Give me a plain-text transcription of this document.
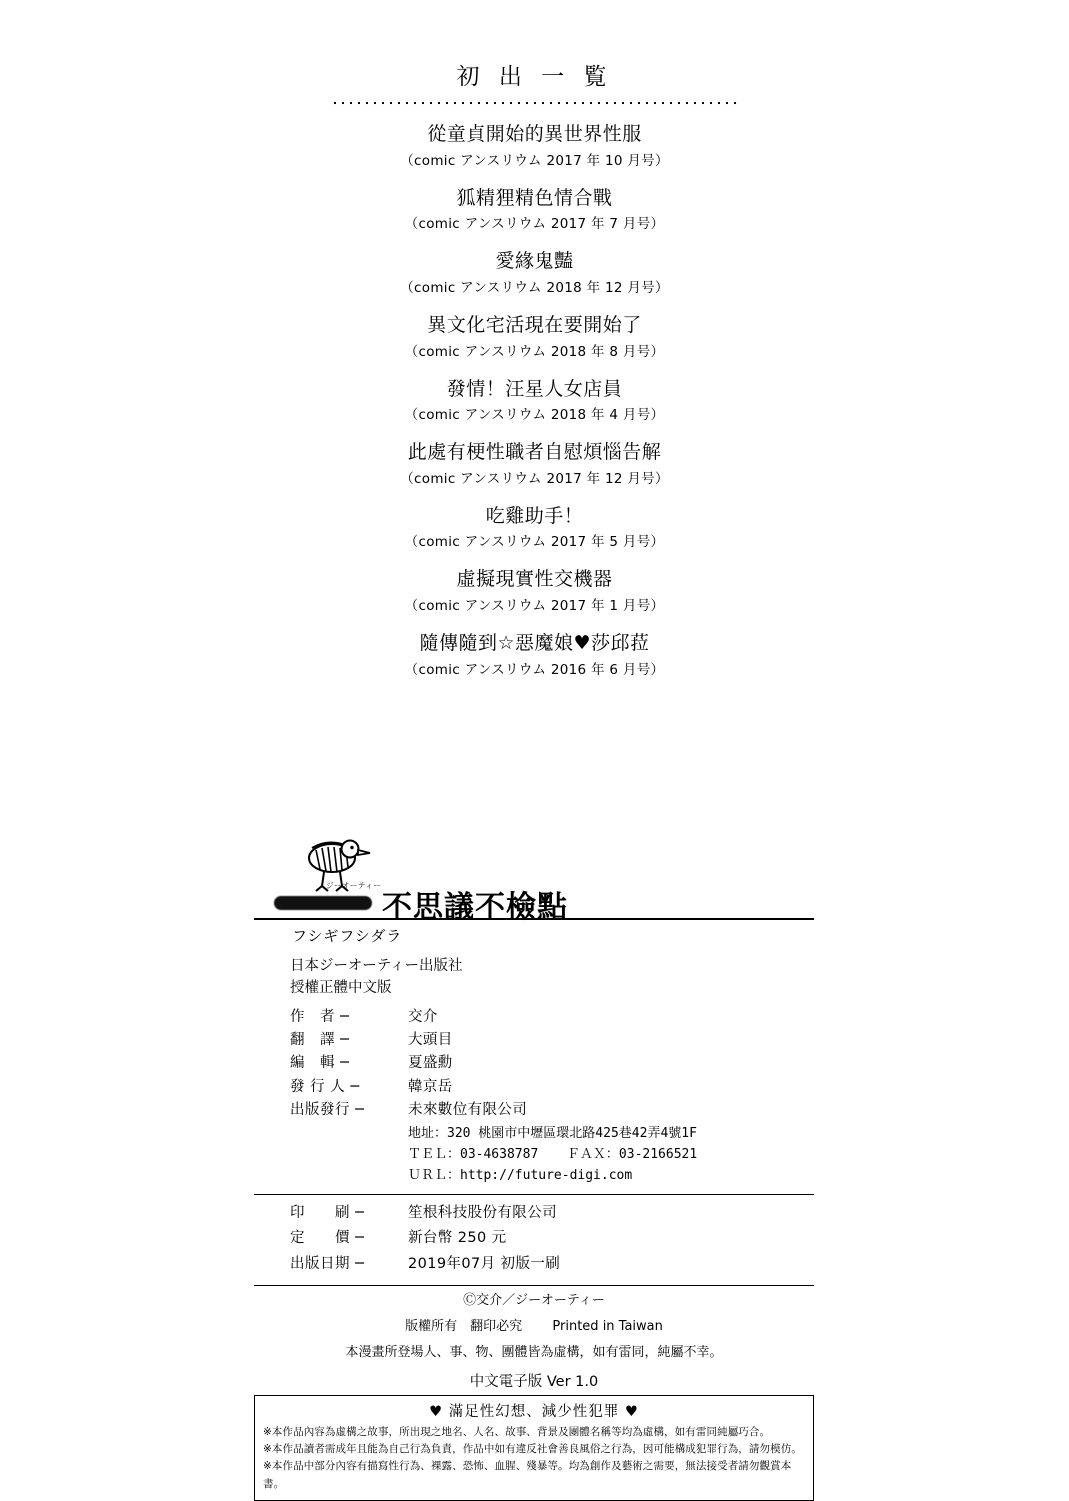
初 出 一 覧
從童貞開始的異世界性服
（comic アンスリウム 2017 年 10 月号）
狐精狸精色情合戰
（comic アンスリウム 2017 年 7 月号）
愛緣鬼豔
（comic アンスリウム 2018 年 12 月号）
異文化宅活現在要開始了
（comic アンスリウム 2018 年 8 月号）
發情！汪星人女店員
（comic アンスリウム 2018 年 4 月号）
此處有梗性職者自慰煩惱告解
（comic アンスリウム 2017 年 12 月号）
吃雞助手！
（comic アンスリウム 2017 年 5 月号）
虛擬現實性交機器
（comic アンスリウム 2017 年 1 月号）
隨傳隨到☆惡魔娘♥莎邱菈
（comic アンスリウム 2016 年 6 月号）
ジーオーティー
不思議不檢點
フシギフシダラ
日本ジーオーティー出版社
授權正體中文版
作　者 ─	交介
翻　譯 ─	大頭目
編　輯 ─	夏盛勳
發 行 人 ─	韓京岳
出版發行 ─	未來數位有限公司
地址：320 桃園市中壢區環北路425巷42弄4號1F
ＴＥＬ：03-4638787 　 ＦＡＸ：03-2166521
ＵＲＬ：http://future-digi.com
印　　刷 ─	笙根科技股份有限公司
定　　價 ─	新台幣 250 元
出版日期 ─	2019年07月 初版一刷
Ⓒ交介／ジーオーティー
版權所有　翻印必究 Printed in Taiwan
本漫畫所登場人、事、物、團體皆為虛構，如有雷同，純屬不幸。
中文電子版 Ver 1.0
♥ 滿足性幻想、減少性犯罪 ♥
※本作品內容為虛構之故事，所出現之地名、人名、故事、背景及團體名稱等均為虛構，如有雷同純屬巧合。
※本作品讀者需成年且能為自己行為負責，作品中如有違反社會善良風俗之行為，因可能構成犯罪行為，請勿模仿。
※本作品中部分內容有描寫性行為、裸露、恐怖、血腥、殘暴等。均為創作及藝術之需要，無法接受者請勿觀賞本書。
